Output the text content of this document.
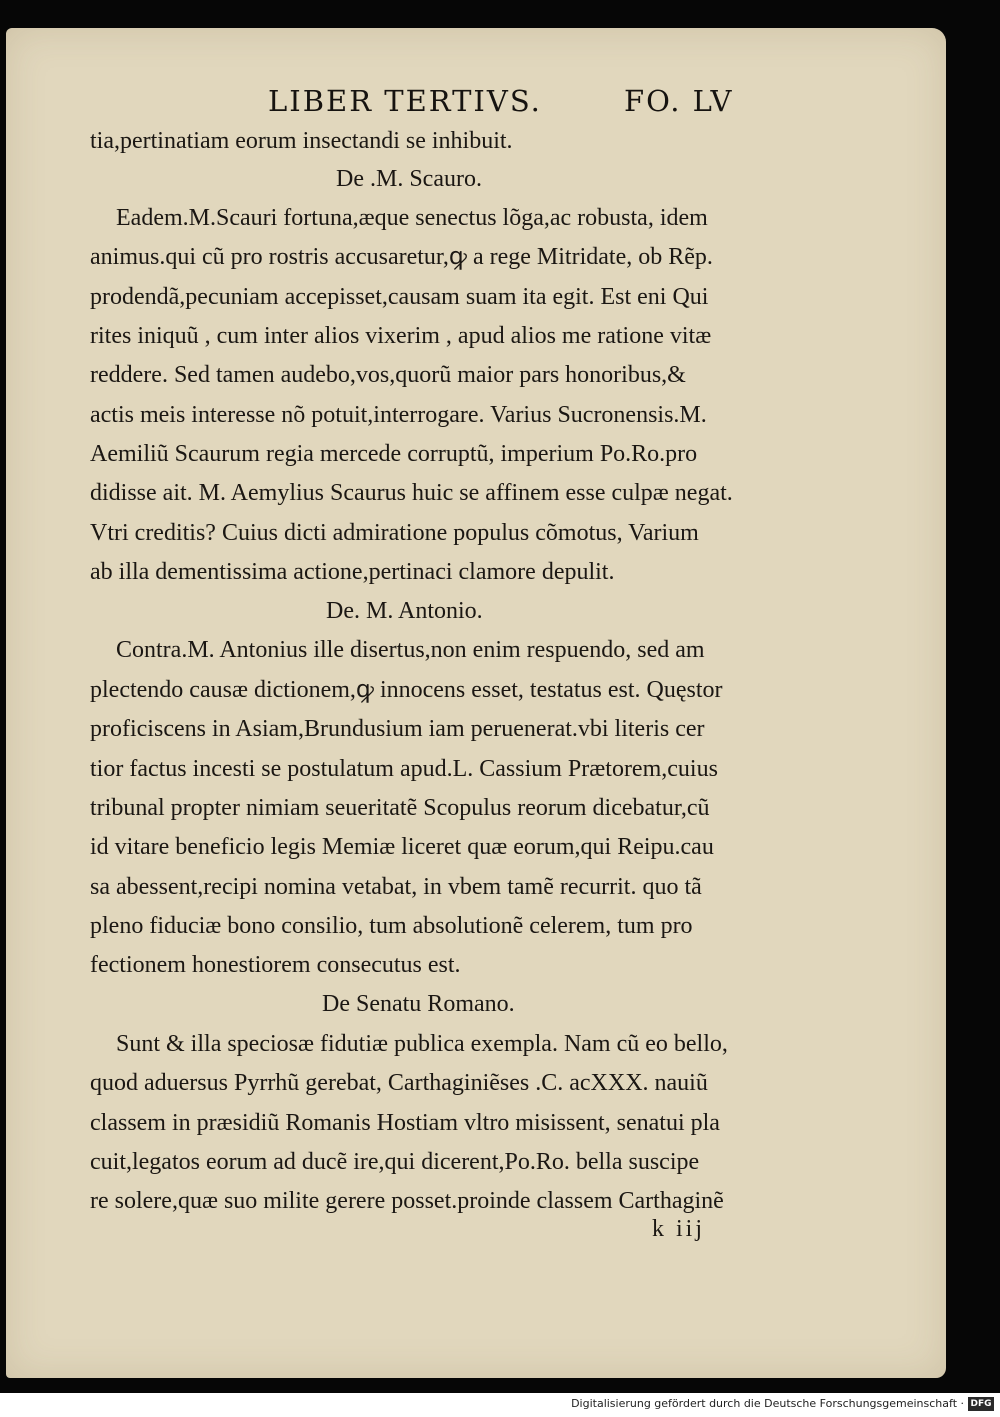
LIBER TERTIVS.	FO. LV
tia,pertinatiam eorum insectandi se inhibuit.
De .M. Scauro.
Eadem.M.Scauri fortuna,æque senectus lõga,ac robusta, idem
animus.qui cũ pro rostris accusaretur,ꝙ a rege Mitridate, ob Rẽp.
prodendã,pecuniam accepisset,causam suam ita egit. Est eni Qui
rites iniquũ , cum inter alios vixerim , apud alios me ratione vitæ
reddere. Sed tamen audebo,vos,quorũ maior pars honoribus,&
actis meis interesse nõ potuit,interrogare. Varius Sucronensis.M.
Aemiliũ Scaurum regia mercede corruptũ, imperium Po.Ro.pro
didisse ait. M. Aemylius Scaurus huic se affinem esse culpæ negat.
Vtri creditis? Cuius dicti admiratione populus cõmotus, Varium
ab illa dementissima actione,pertinaci clamore depulit.
De. M. Antonio.
Contra.M. Antonius ille disertus,non enim respuendo, sed am
plectendo causæ dictionem,ꝙ innocens esset, testatus est. Quęstor
proficiscens in Asiam,Brundusium iam peruenerat.vbi literis cer
tior factus incesti se postulatum apud.L. Cassium Prætorem,cuius
tribunal propter nimiam seueritatẽ Scopulus reorum dicebatur,cũ
id vitare beneficio legis Memiæ liceret quæ eorum,qui Reipu.cau
sa abessent,recipi nomina vetabat, in vbem tamẽ recurrit. quo tã
pleno fiduciæ bono consilio, tum absolutionẽ celerem, tum pro
fectionem honestiorem consecutus est.
De Senatu Romano.
Sunt & illa speciosæ fidutiæ publica exempla. Nam cũ eo bello,
quod aduersus Pyrrhũ gerebat, Carthaginiẽses .C. acXXX. nauiũ
classem in præsidiũ Romanis Hostiam vltro misissent, senatui pla
cuit,legatos eorum ad ducẽ ire,qui dicerent,Po.Ro. bella suscipe
re solere,quæ suo milite gerere posset.proinde classem Carthaginẽ
k iij
Digitalisierung gefördert durch die Deutsche Forschungsgemeinschaft · DFG
